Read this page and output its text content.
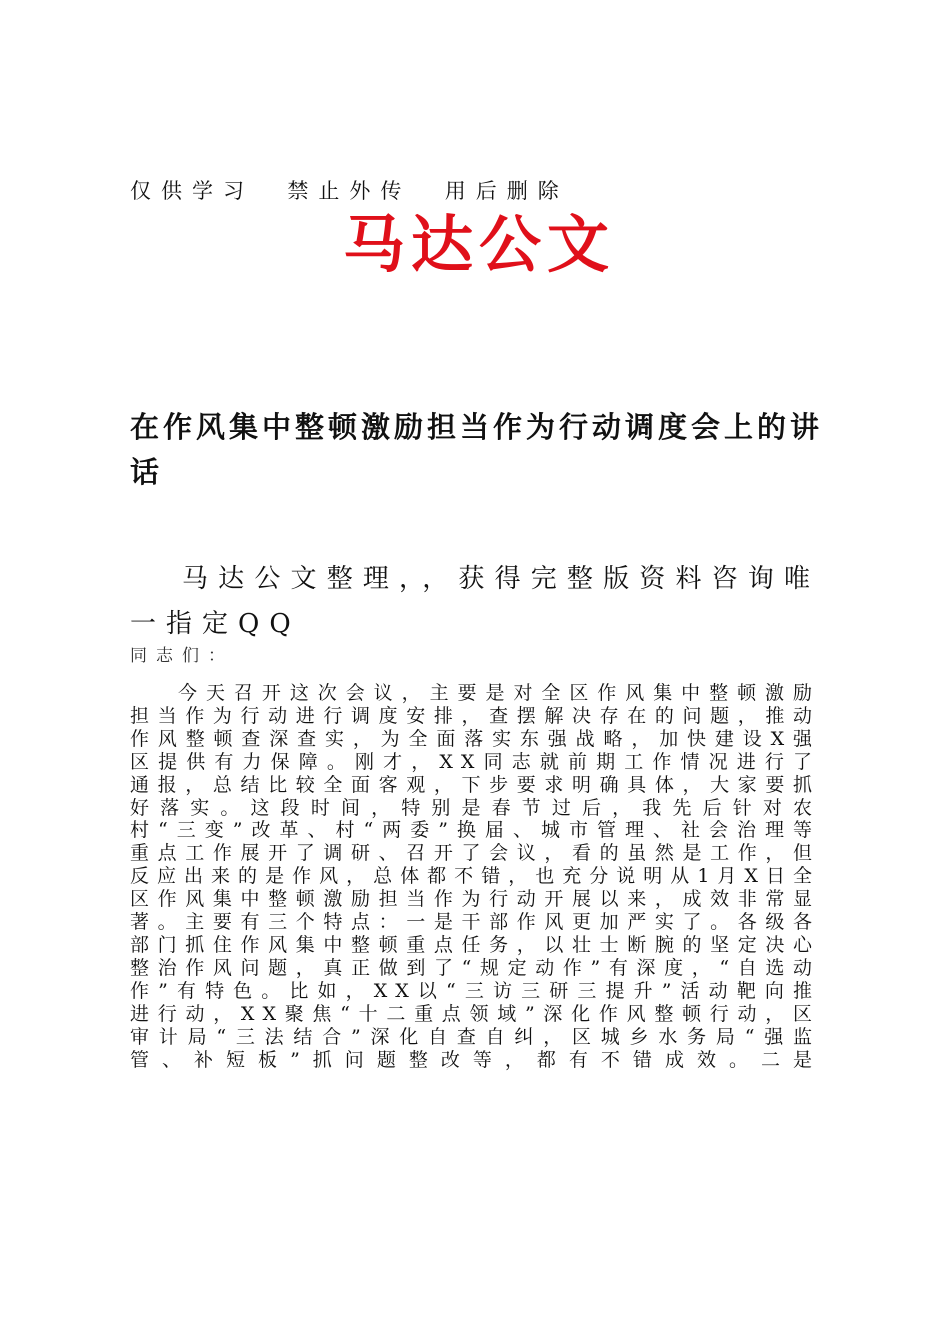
仅供学习  禁止外传  用后删除
马达公文
在作风集中整顿激励担当作为行动调度会上的讲话
马达公文整理，，获得完整版资料咨询唯一指定QQ
同志们：
今天召开这次会议，主要是对全区作风集中整顿激励担当作为行动进行调度安排，查摆解决存在的问题，推动作风整顿查深查实，为全面落实东强战略，加快建设X强区提供有力保障。刚才，XX同志就前期工作情况进行了通报，总结比较全面客观，下步要求明确具体，大家要抓好落实。这段时间，特别是春节过后，我先后针对农村“三变”改革、村“两委”换届、城市管理、社会治理等重点工作展开了调研、召开了会议，看的虽然是工作，但反应出来的是作风，总体都不错，也充分说明从1月X日全区作风集中整顿激励担当作为行动开展以来，成效非常显著。主要有三个特点：一是干部作风更加严实了。各级各部门抓住作风集中整顿重点任务，以壮士断腕的坚定决心整治作风问题，真正做到了“规定动作”有深度，“自选动作”有特色。比如，XX以“三访三研三提升”活动靶向推进行动，XX聚焦“十二重点领域”深化作风整顿行动，区审计局“三法结合”深化自查自纠，区城乡水务局“强监管、补短板”抓问题整改等，都有不错成效。二是
